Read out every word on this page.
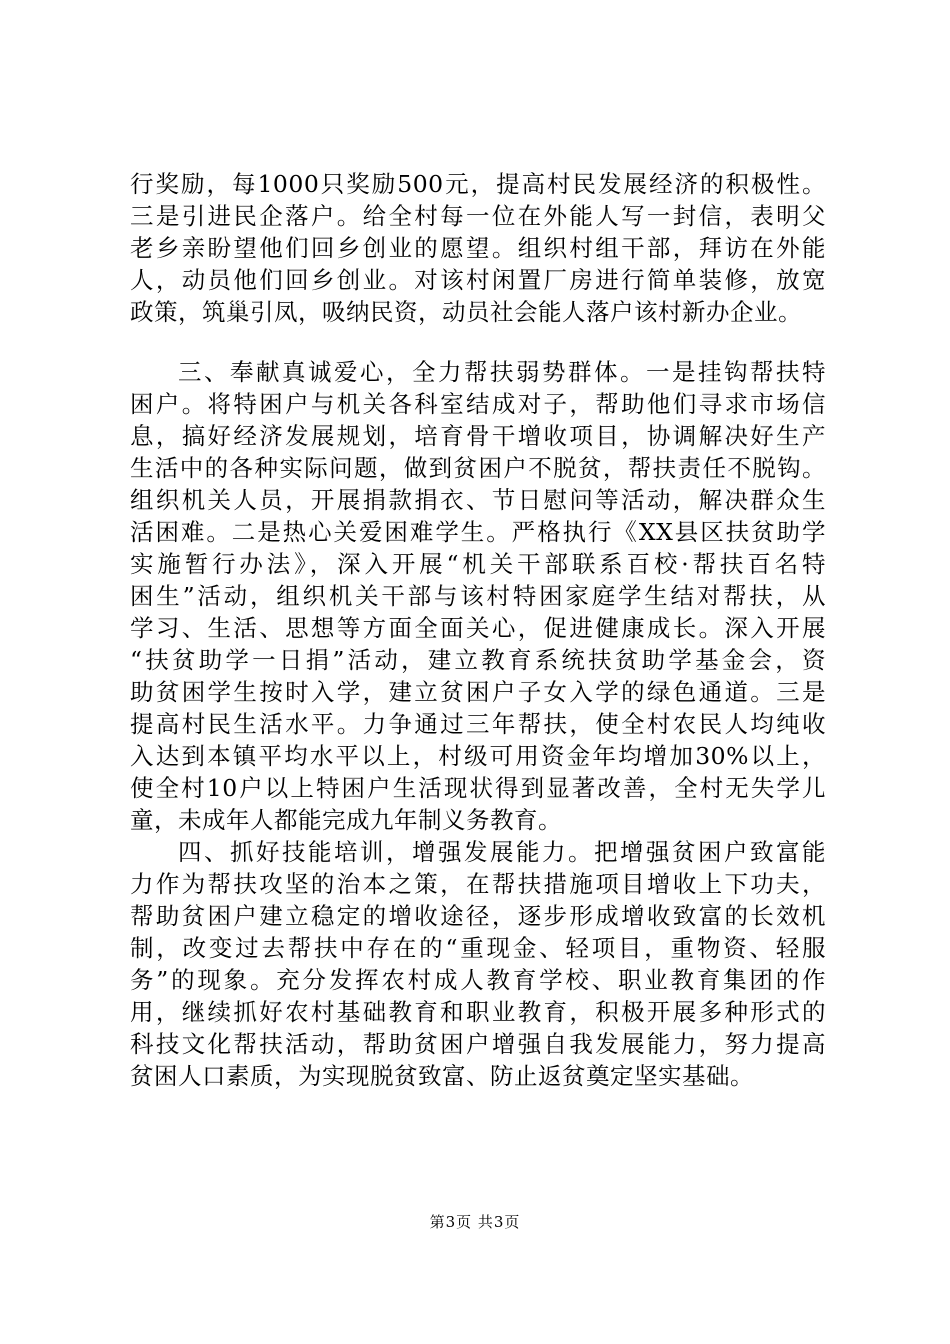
行奖励，每1000只奖励500元，提高村民发展经济的积极性。
三是引进民企落户。给全村每一位在外能人写一封信，表明父
老乡亲盼望他们回乡创业的愿望。组织村组干部，拜访在外能
人，动员他们回乡创业。对该村闲置厂房进行简单装修，放宽
政策，筑巢引凤，吸纳民资，动员社会能人落户该村新办企业。
三、奉献真诚爱心，全力帮扶弱势群体。一是挂钩帮扶特
困户。将特困户与机关各科室结成对子，帮助他们寻求市场信
息，搞好经济发展规划，培育骨干增收项目，协调解决好生产
生活中的各种实际问题，做到贫困户不脱贫，帮扶责任不脱钩。
组织机关人员，开展捐款捐衣、节日慰问等活动，解决群众生
活困难。二是热心关爱困难学生。严格执行《XX县区扶贫助学
实施暂行办法》，深入开展“机关干部联系百校·帮扶百名特
困生”活动，组织机关干部与该村特困家庭学生结对帮扶，从
学习、生活、思想等方面全面关心，促进健康成长。深入开展
“扶贫助学一日捐”活动，建立教育系统扶贫助学基金会，资
助贫困学生按时入学，建立贫困户子女入学的绿色通道。三是
提高村民生活水平。力争通过三年帮扶，使全村农民人均纯收
入达到本镇平均水平以上，村级可用资金年均增加30%以上，
使全村10户以上特困户生活现状得到显著改善，全村无失学儿
童，未成年人都能完成九年制义务教育。
四、抓好技能培训，增强发展能力。把增强贫困户致富能
力作为帮扶攻坚的治本之策，在帮扶措施项目增收上下功夫，
帮助贫困户建立稳定的增收途径，逐步形成增收致富的长效机
制，改变过去帮扶中存在的“重现金、轻项目，重物资、轻服
务”的现象。充分发挥农村成人教育学校、职业教育集团的作
用，继续抓好农村基础教育和职业教育，积极开展多种形式的
科技文化帮扶活动，帮助贫困户增强自我发展能力，努力提高
贫困人口素质，为实现脱贫致富、防止返贫奠定坚实基础。
第3页 共3页
